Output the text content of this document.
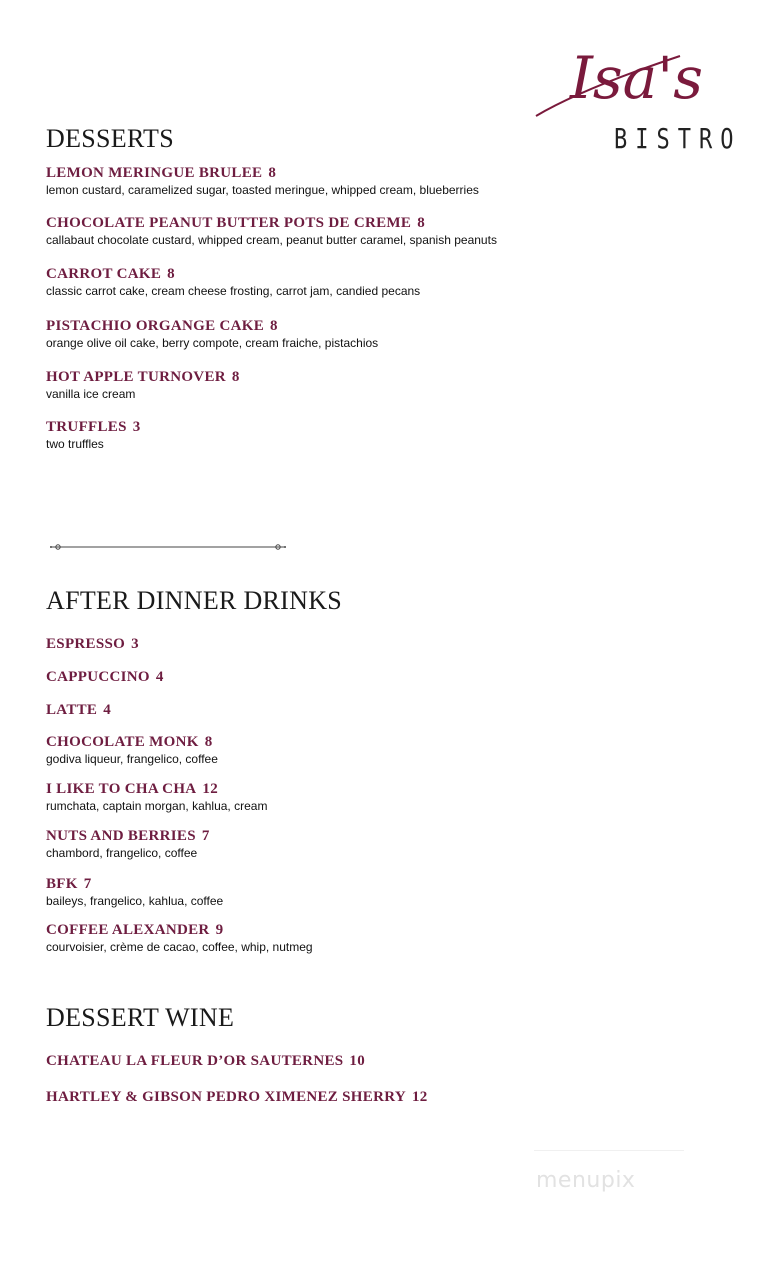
Isa's
BISTRO
DESSERTS
LEMON MERINGUE BRULEE 8
lemon custard, caramelized sugar, toasted meringue, whipped cream, blueberries
CHOCOLATE PEANUT BUTTER POTS DE CREME 8
callabaut chocolate custard, whipped cream, peanut butter caramel, spanish peanuts
CARROT CAKE 8
classic carrot cake, cream cheese frosting, carrot jam, candied pecans
PISTACHIO ORGANGE CAKE 8
orange olive oil cake, berry compote, cream fraiche, pistachios
HOT APPLE TURNOVER 8
vanilla ice cream
TRUFFLES 3
two truffles
AFTER DINNER DRINKS
ESPRESSO 3
CAPPUCCINO 4
LATTE 4
CHOCOLATE MONK 8
godiva liqueur, frangelico, coffee
I LIKE TO CHA CHA 12
rumchata, captain morgan, kahlua, cream
NUTS AND BERRIES 7
chambord, frangelico, coffee
BFK 7
baileys, frangelico, kahlua, coffee
COFFEE ALEXANDER 9
courvoisier, crème de cacao, coffee, whip, nutmeg
DESSERT WINE
CHATEAU LA FLEUR D’OR SAUTERNES 10
HARTLEY & GIBSON PEDRO XIMENEZ SHERRY 12
menupix
